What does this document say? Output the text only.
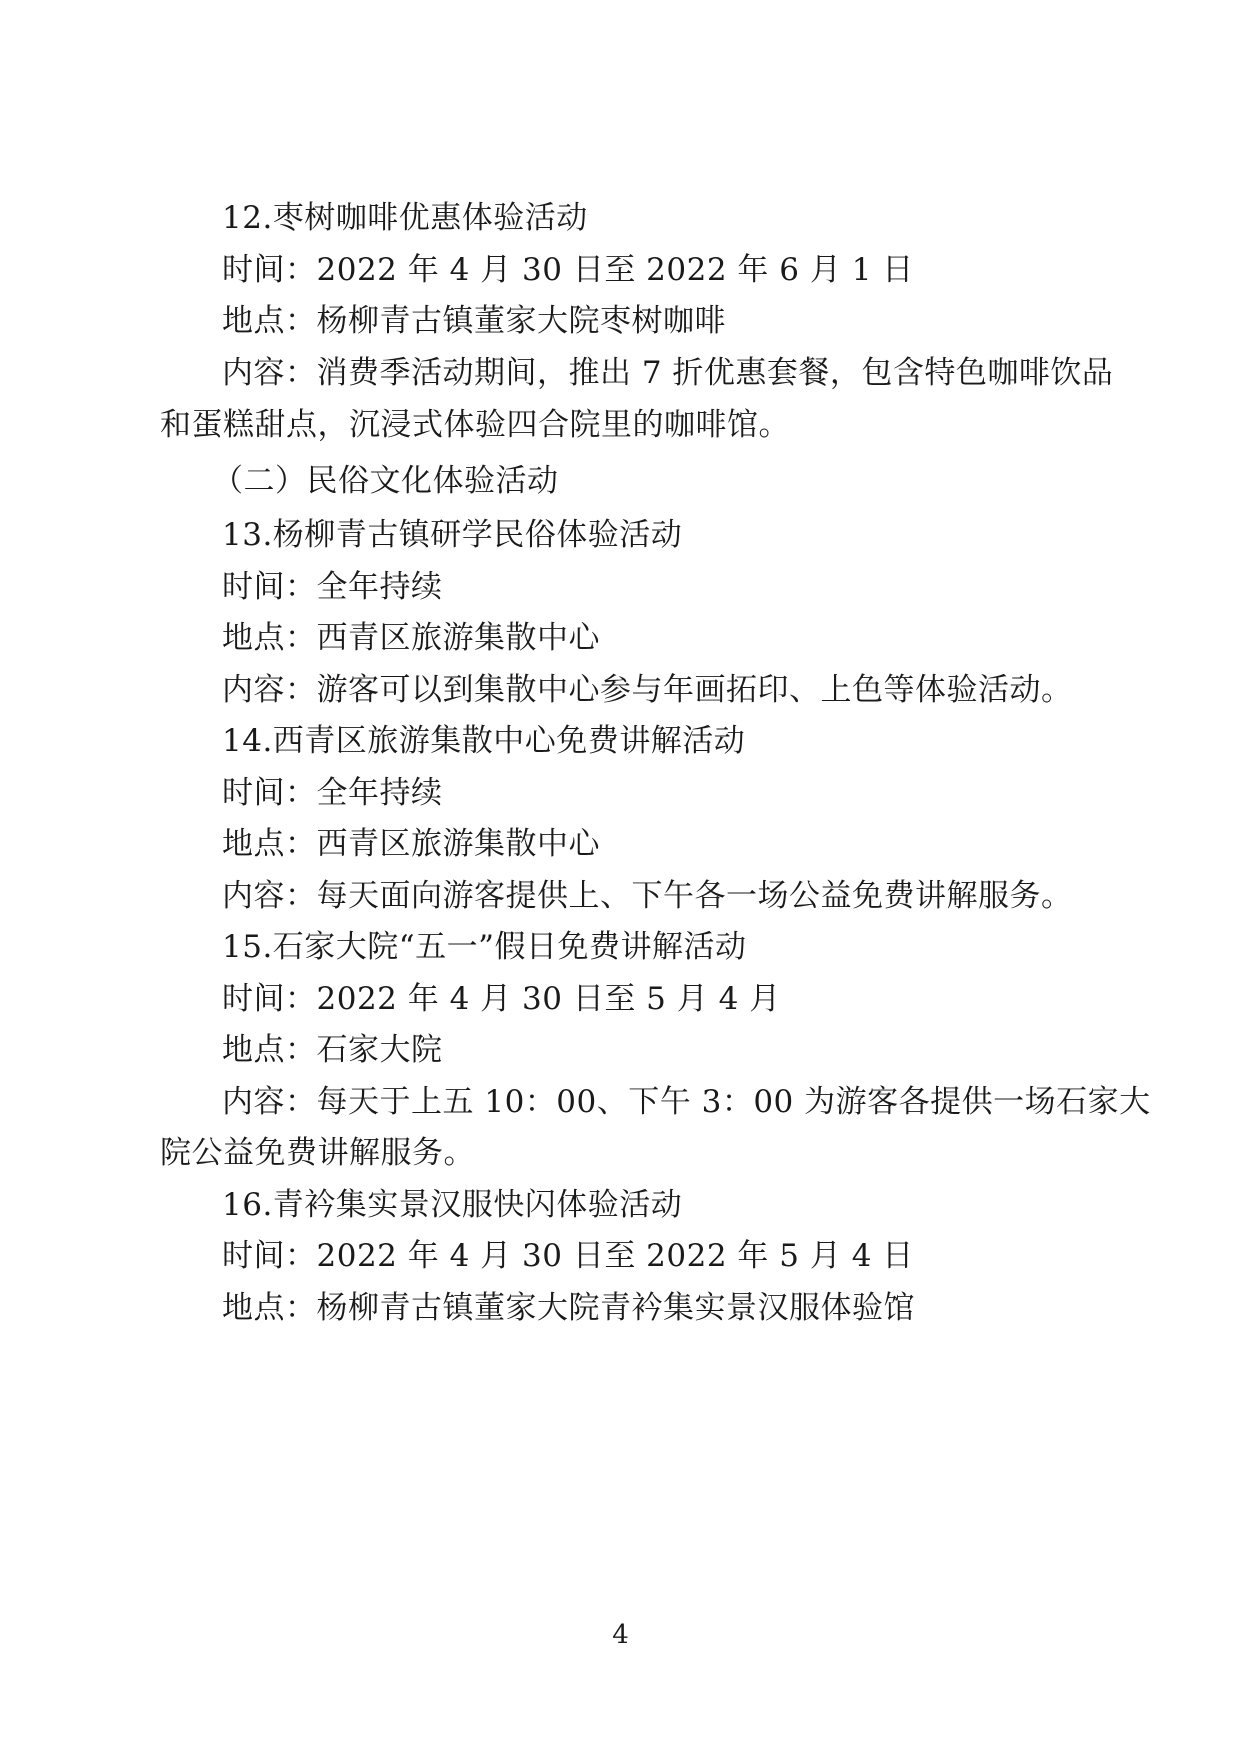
12.枣树咖啡优惠体验活动
时间：2022 年 4 月 30 日至 2022 年 6 月 1 日
地点：杨柳青古镇董家大院枣树咖啡
内容：消费季活动期间，推出 7 折优惠套餐，包含特色咖啡饮品
和蛋糕甜点，沉浸式体验四合院里的咖啡馆。
（二）民俗文化体验活动
13.杨柳青古镇研学民俗体验活动
时间：全年持续
地点：西青区旅游集散中心
内容：游客可以到集散中心参与年画拓印、上色等体验活动。
14.西青区旅游集散中心免费讲解活动
时间：全年持续
地点：西青区旅游集散中心
内容：每天面向游客提供上、下午各一场公益免费讲解服务。
15.石家大院“五一”假日免费讲解活动
时间：2022 年 4 月 30 日至 5 月 4 月
地点：石家大院
内容：每天于上五 10：00、下午 3：00 为游客各提供一场石家大
院公益免费讲解服务。
16.青衿集实景汉服快闪体验活动
时间：2022 年 4 月 30 日至 2022 年 5 月 4 日
地点：杨柳青古镇董家大院青衿集实景汉服体验馆
4
